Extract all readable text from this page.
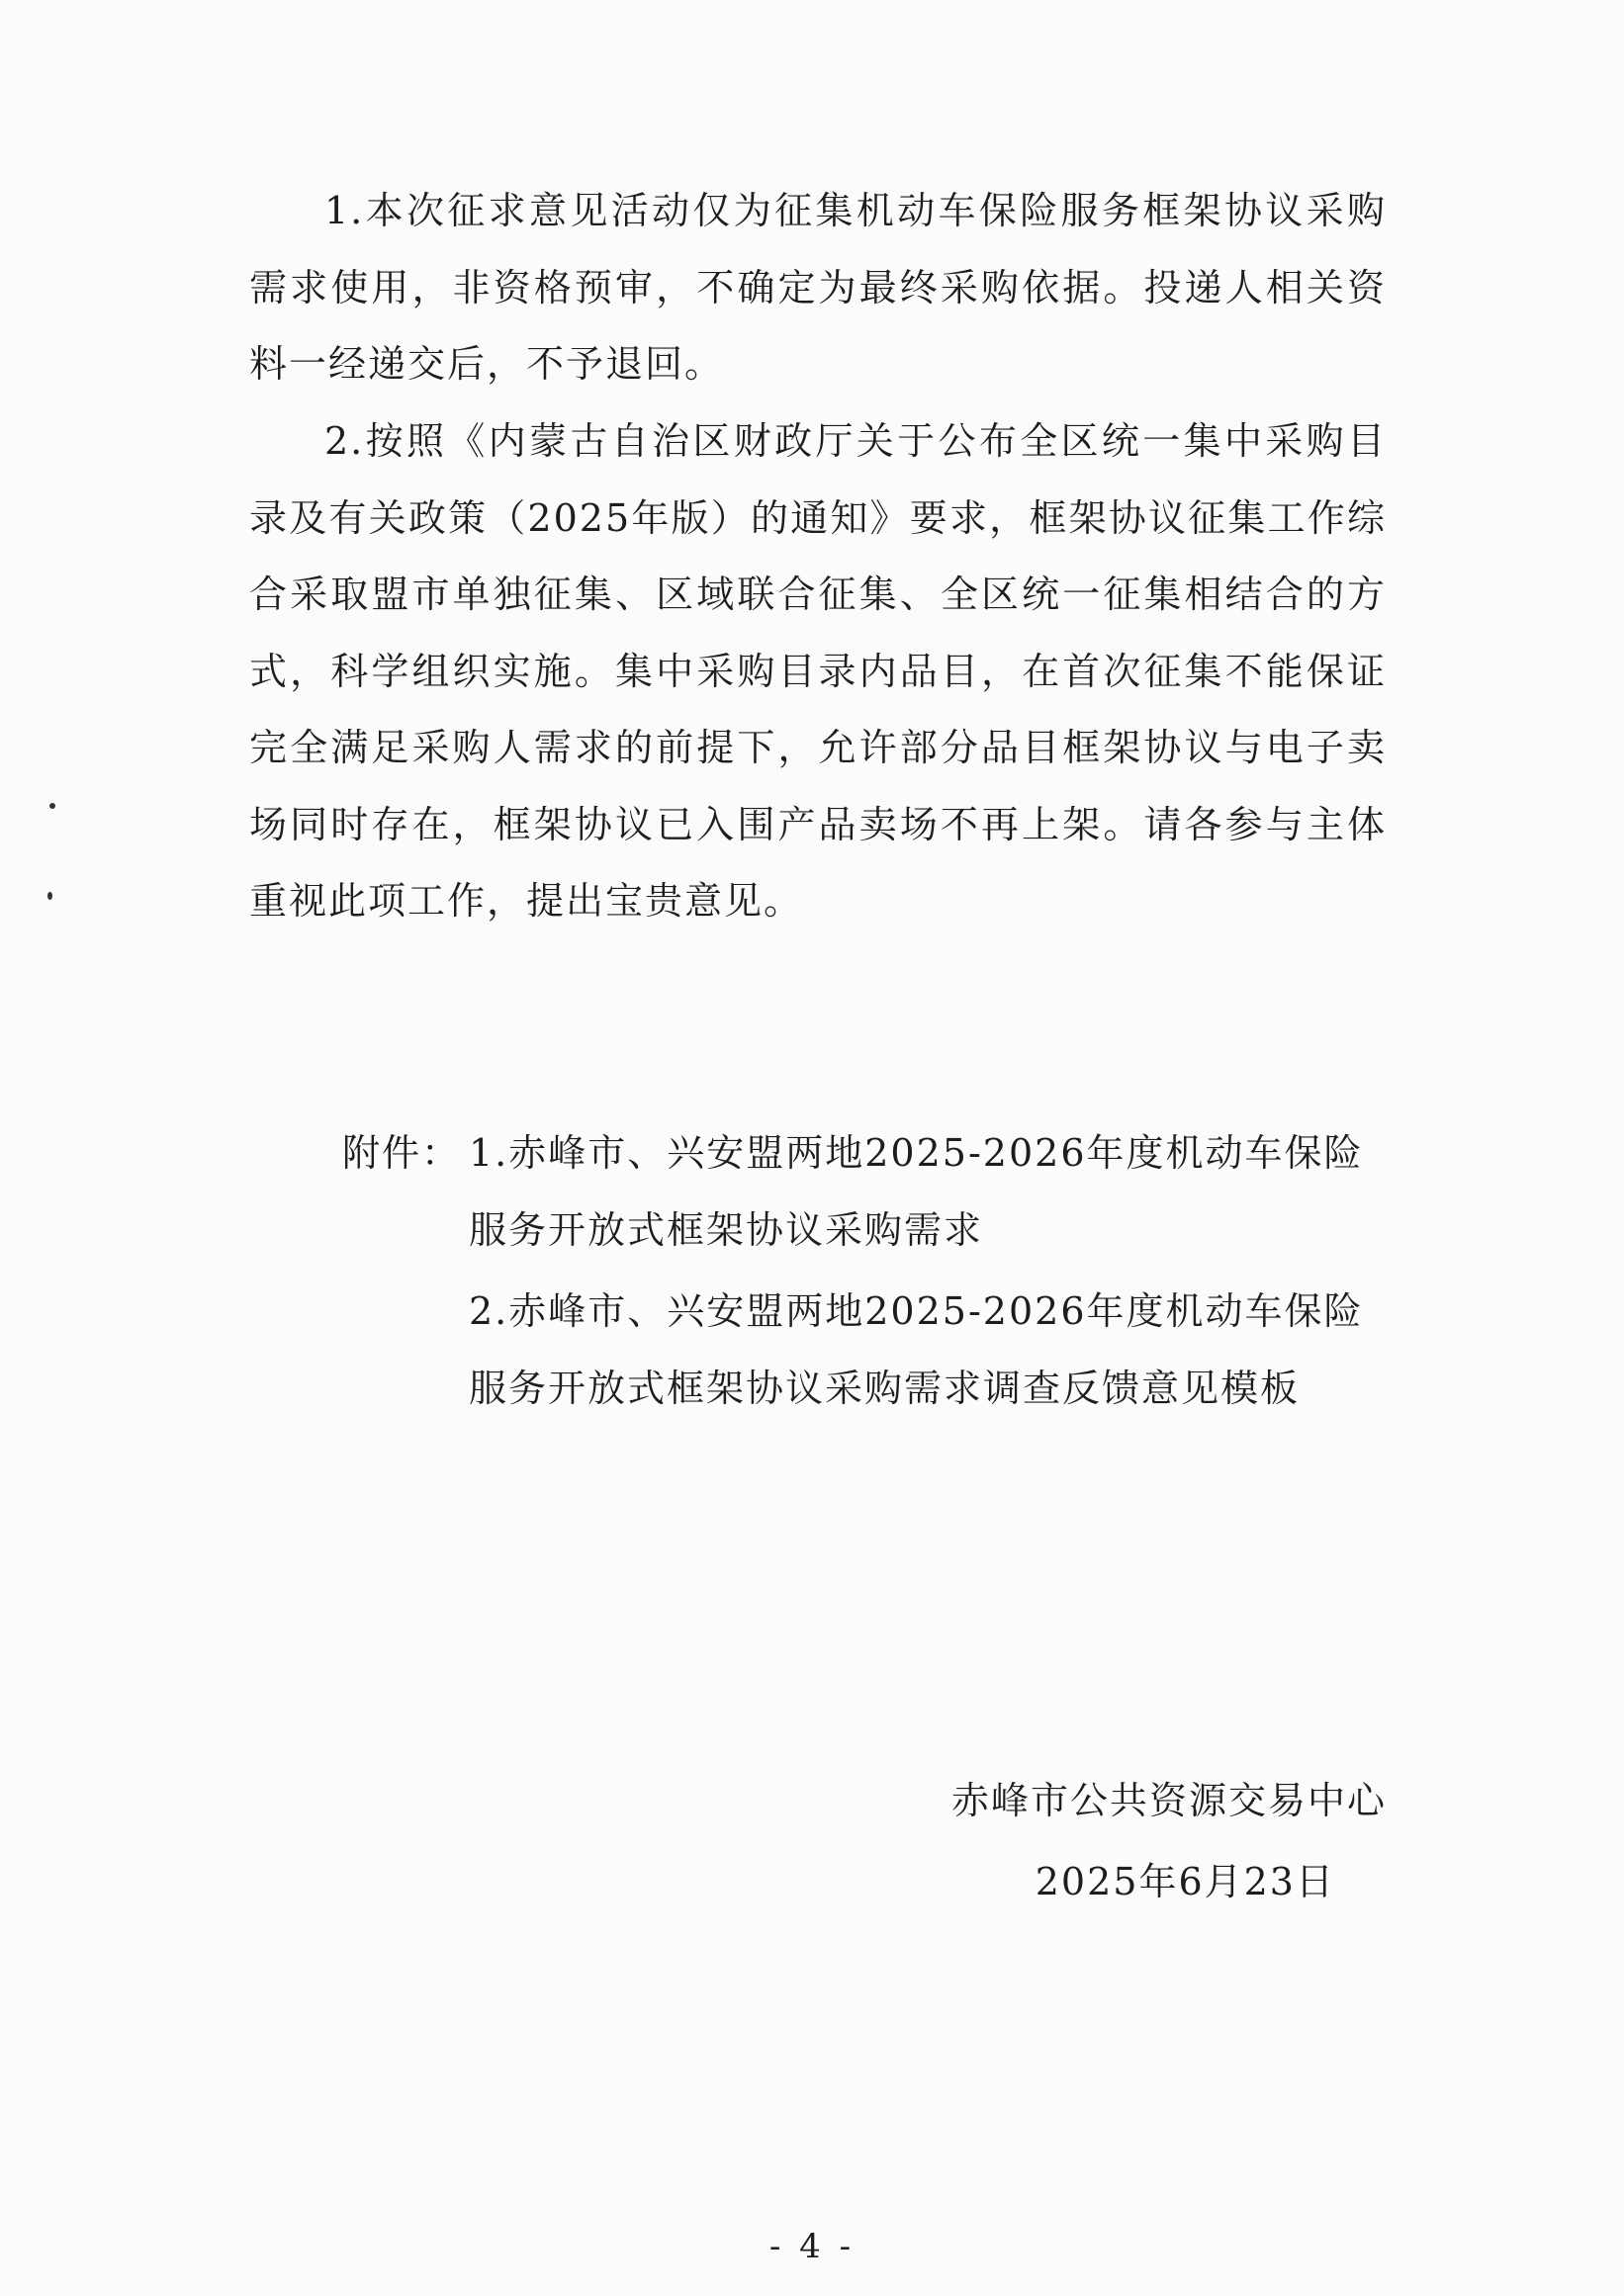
1.本次征求意见活动仅为征集机动车保险服务框架协议采购需求使用，非资格预审，不确定为最终采购依据。投递人相关资料一经递交后，不予退回。

2.按照《内蒙古自治区财政厅关于公布全区统一集中采购目录及有关政策（2025年版）的通知》要求，框架协议征集工作综合采取盟市单独征集、区域联合征集、全区统一征集相结合的方式，科学组织实施。集中采购目录内品目，在首次征集不能保证完全满足采购人需求的前提下，允许部分品目框架协议与电子卖场同时存在，框架协议已入围产品卖场不再上架。请各参与主体重视此项工作，提出宝贵意见。

附件： 1.赤峰市、兴安盟两地2025-2026年度机动车保险服务开放式框架协议采购需求

2.赤峰市、兴安盟两地2025-2026年度机动车保险服务开放式框架协议采购需求调查反馈意见模板

赤峰市公共资源交易中心

2025年6月23日

- 4 -
